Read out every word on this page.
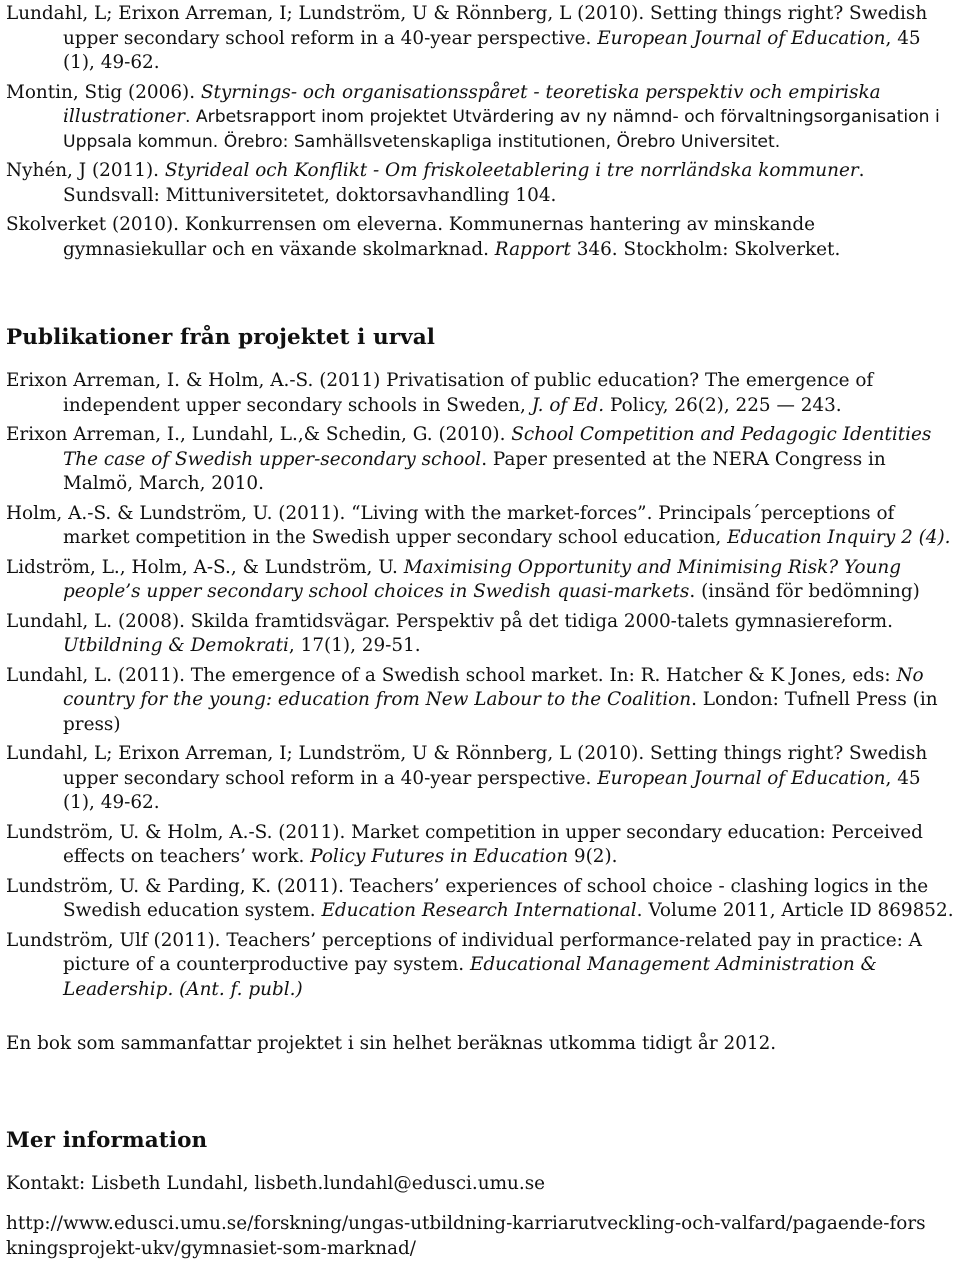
Lundahl, L; Erixon Arreman, I; Lundström, U & Rönnberg, L (2010). Setting things right? Swedish upper secondary school reform in a 40-year perspective. European Journal of Education, 45 (1), 49-62.

Montin, Stig (2006). Styrnings- och organisationsspåret - teoretiska perspektiv och empiriska illustrationer. Arbetsrapport inom projektet Utvärdering av ny nämnd- och förvaltningsorganisation i Uppsala kommun. Örebro: Samhällsvetenskapliga institutionen, Örebro Universitet.

Nyhén, J (2011). Styrideal och Konflikt - Om friskoleetablering i tre norrländska kommuner. Sundsvall: Mittuniversitetet, doktorsavhandling 104.

Skolverket (2010). Konkurrensen om eleverna. Kommunernas hantering av minskande gymnasiekullar och en växande skolmarknad. Rapport 346. Stockholm: Skolverket.

Publikationer från projektet i urval

Erixon Arreman, I. & Holm, A.-S. (2011) Privatisation of public education? The emergence of independent upper secondary schools in Sweden, J. of Ed. Policy, 26(2), 225 — 243.

Erixon Arreman, I., Lundahl, L.,& Schedin, G. (2010). School Competition and Pedagogic Identities The case of Swedish upper-secondary school. Paper presented at the NERA Congress in Malmö, March, 2010.

Holm, A.-S. & Lundström, U. (2011). “Living with the market-forces”. Principals´perceptions of market competition in the Swedish upper secondary school education, Education Inquiry 2 (4).

Lidström, L., Holm, A-S., & Lundström, U. Maximising Opportunity and Minimising Risk? Young people’s upper secondary school choices in Swedish quasi-markets. (insänd för bedömning)

Lundahl, L. (2008). Skilda framtidsvägar. Perspektiv på det tidiga 2000-talets gymnasiereform. Utbildning & Demokrati, 17(1), 29-51.

Lundahl, L. (2011). The emergence of a Swedish school market. In: R. Hatcher & K Jones, eds: No country for the young: education from New Labour to the Coalition. London: Tufnell Press (in press)

Lundahl, L; Erixon Arreman, I; Lundström, U & Rönnberg, L (2010). Setting things right? Swedish upper secondary school reform in a 40-year perspective. European Journal of Education, 45 (1), 49-62.

Lundström, U. & Holm, A.-S. (2011). Market competition in upper secondary education: Perceived effects on teachers’ work. Policy Futures in Education 9(2).

Lundström, U. & Parding, K. (2011). Teachers’ experiences of school choice - clashing logics in the Swedish education system. Education Research International. Volume 2011, Article ID 869852.

Lundström, Ulf (2011). Teachers’ perceptions of individual performance-related pay in practice: A picture of a counterproductive pay system. Educational Management Administration & Leadership. (Ant. f. publ.)

En bok som sammanfattar projektet i sin helhet beräknas utkomma tidigt år 2012.

Mer information

Kontakt: Lisbeth Lundahl, lisbeth.lundahl@edusci.umu.se

http://www.edusci.umu.se/forskning/ungas-utbildning-karriarutveckling-och-valfard/pagaende-forskningsprojekt-ukv/gymnasiet-som-marknad/
